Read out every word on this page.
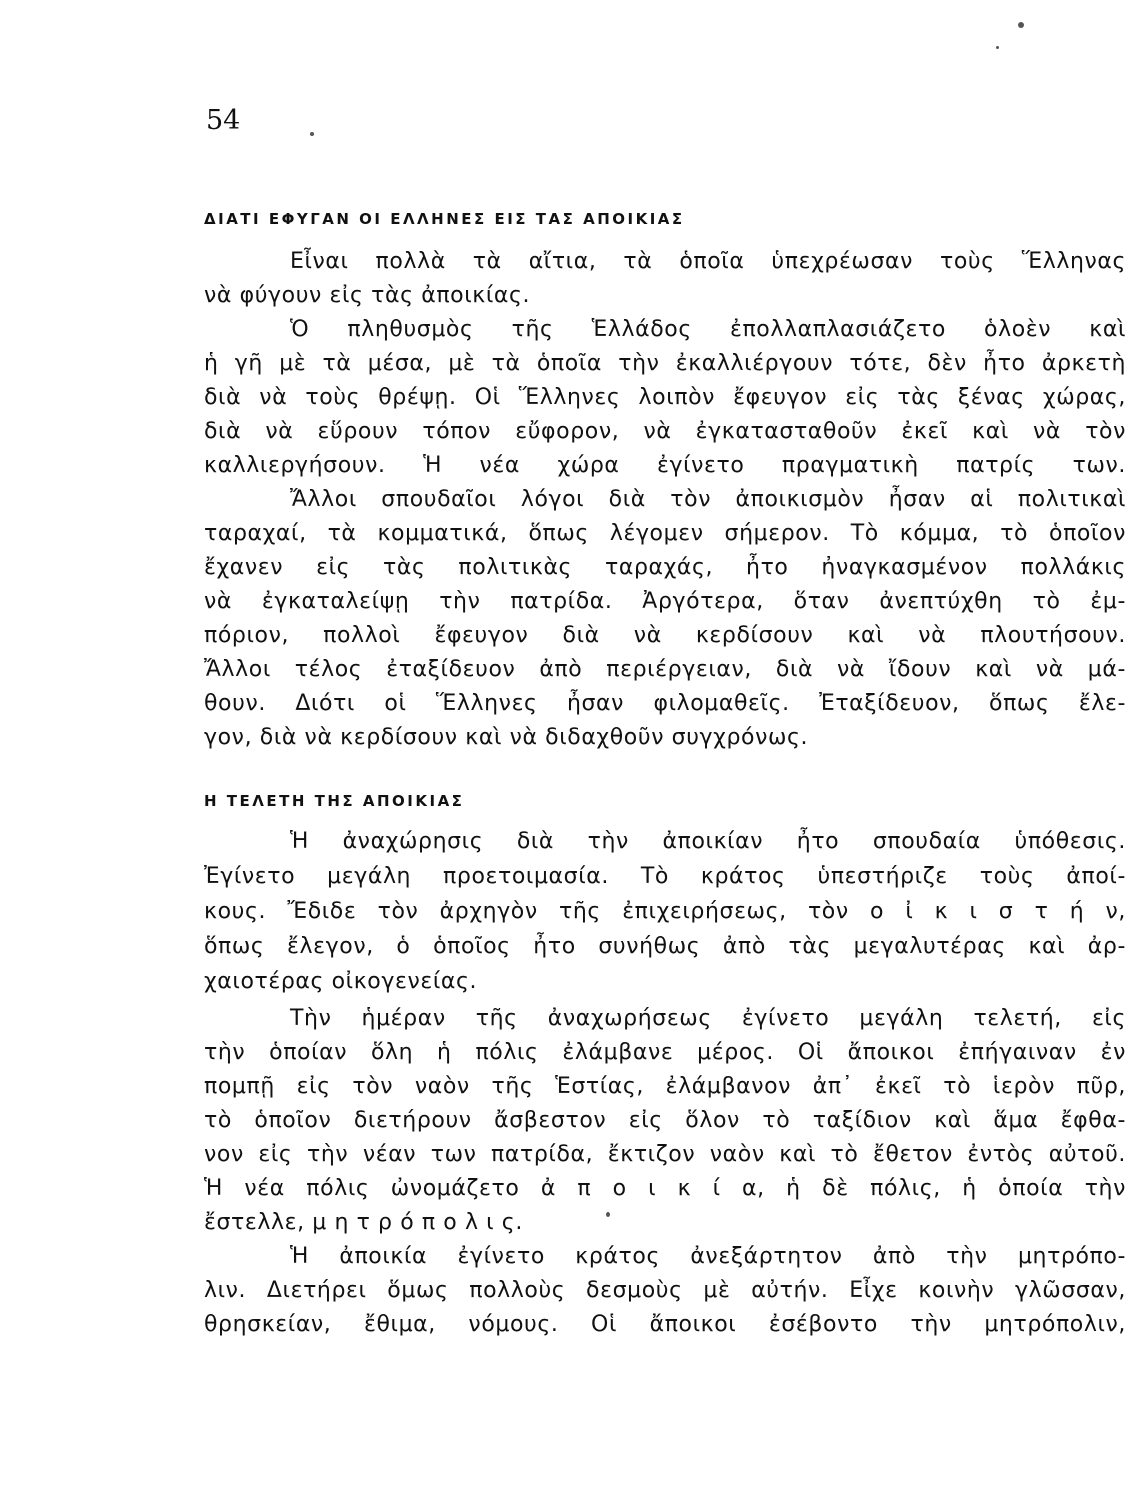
54
ΔΙΑΤΙ ΕΦΥΓΑΝ ΟΙ ΕΛΛΗΝΕΣ ΕΙΣ ΤΑΣ ΑΠΟΙΚΙΑΣ
Εἶναι πολλὰ τὰ αἴτια, τὰ ὁποῖα ὑπεχρέωσαν τοὺς Ἕλληνας
νὰ φύγουν εἰς τὰς ἀποικίας.
Ὁ πληθυσμὸς τῆς Ἑλλάδος ἐπολλαπλασιάζετο ὁλοὲν καὶ
ἡ γῆ μὲ τὰ μέσα, μὲ τὰ ὁποῖα τὴν ἐκαλλιέργουν τότε, δὲν ἦτο ἀρκετὴ
διὰ νὰ τοὺς θρέψῃ. Οἱ Ἕλληνες λοιπὸν ἔφευγον εἰς τὰς ξένας χώρας,
διὰ νὰ εὕρουν τόπον εὔφορον, νὰ ἐγκατασταθοῦν ἐκεῖ καὶ νὰ τὸν
καλλιεργήσουν. Ἡ νέα χώρα ἐγίνετο πραγματικὴ πατρίς των.
Ἄλλοι σπουδαῖοι λόγοι διὰ τὸν ἀποικισμὸν ἦσαν αἱ πολιτικαὶ
ταραχαί, τὰ κομματικά, ὅπως λέγομεν σήμερον. Τὸ κόμμα, τὸ ὁποῖον
ἔχανεν εἰς τὰς πολιτικὰς ταραχάς, ἦτο ἠναγκασμένον πολλάκις
νὰ ἐγκαταλείψῃ τὴν πατρίδα. Ἀργότερα, ὅταν ἀνεπτύχθη τὸ ἐμ-
πόριον, πολλοὶ ἔφευγον διὰ νὰ κερδίσουν καὶ νὰ πλουτήσουν.
Ἄλλοι τέλος ἐταξίδευον ἀπὸ περιέργειαν, διὰ νὰ ἴδουν καὶ νὰ μά-
θουν. Διότι οἱ Ἕλληνες ἦσαν φιλομαθεῖς. Ἐταξίδευον, ὅπως ἔλε-
γον, διὰ νὰ κερδίσουν καὶ νὰ διδαχθοῦν συγχρόνως.
Η ΤΕΛΕΤΗ ΤΗΣ ΑΠΟΙΚΙΑΣ
Ἡ ἀναχώρησις διὰ τὴν ἀποικίαν ἦτο σπουδαία ὑπόθεσις.
Ἐγίνετο μεγάλη προετοιμασία. Τὸ κράτος ὑπεστήριζε τοὺς ἀποί-
κους. Ἔδιδε τὸν ἀρχηγὸν τῆς ἐπιχειρήσεως, τὸν ο ἰ κ ι σ τ ή ν,
ὅπως ἔλεγον, ὁ ὁποῖος ἦτο συνήθως ἀπὸ τὰς μεγαλυτέρας καὶ ἀρ-
χαιοτέρας οἰκογενείας.
Τὴν ἡμέραν τῆς ἀναχωρήσεως ἐγίνετο μεγάλη τελετή, εἰς
τὴν ὁποίαν ὅλη ἡ πόλις ἐλάμβανε μέρος. Οἱ ἄποικοι ἐπήγαιναν ἐν
πομπῇ εἰς τὸν ναὸν τῆς Ἑστίας, ἐλάμβανον ἀπ᾿ ἐκεῖ τὸ ἱερὸν πῦρ,
τὸ ὁποῖον διετήρουν ἄσβεστον εἰς ὅλον τὸ ταξίδιον καὶ ἅμα ἔφθα-
νον εἰς τὴν νέαν των πατρίδα, ἔκτιζον ναὸν καὶ τὸ ἔθετον ἐντὸς αὐτοῦ.
Ἡ νέα πόλις ὠνομάζετο ἀ π ο ι κ ί α, ἡ δὲ πόλις, ἡ ὁποία τὴν
ἔστελλε, μ η τ ρ ό π ο λ ι ς.
Ἡ ἀποικία ἐγίνετο κράτος ἀνεξάρτητον ἀπὸ τὴν μητρόπο-
λιν. Διετήρει ὅμως πολλοὺς δεσμοὺς μὲ αὐτήν. Εἶχε κοινὴν γλῶσσαν,
θρησκείαν, ἔθιμα, νόμους. Οἱ ἄποικοι ἐσέβοντο τὴν μητρόπολιν,
